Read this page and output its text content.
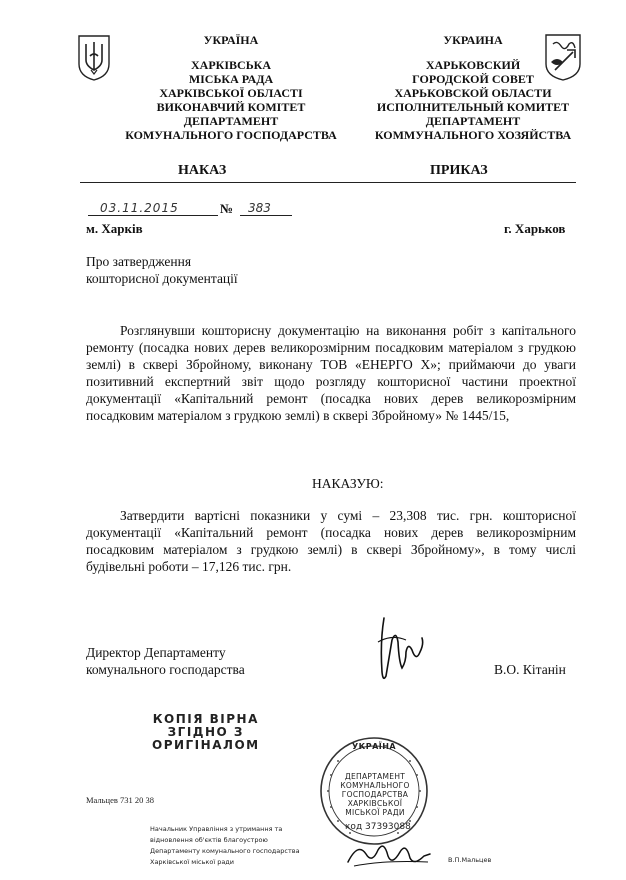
УКРАЇНА
ХАРКІВСЬКА
МІСЬКА РАДА
ХАРКІВСЬКОЇ ОБЛАСТІ
ВИКОНАВЧИЙ КОМІТЕТ
ДЕПАРТАМЕНТ
КОМУНАЛЬНОГО ГОСПОДАРСТВА
УКРАИНА
ХАРЬКОВСКИЙ
ГОРОДСКОЙ СОВЕТ
ХАРЬКОВСКОЙ ОБЛАСТИ
ИСПОЛНИТЕЛЬНЫЙ КОМИТЕТ
ДЕПАРТАМЕНТ
КОММУНАЛЬНОГО ХОЗЯЙСТВА
НАКАЗ	ПРИКАЗ
03.11.2015	№ 383
м. Харків	г. Харьков
Про затвердження
кошторисної документації
Розглянувши кошторисну документацію на виконання робіт з капітального ремонту (посадка нових дерев великорозмірним посадковим матеріалом з грудкою землі) в сквері Збройному, виконану ТОВ «ЕНЕРГО Х»; приймаючи до уваги позитивний експертний звіт щодо розгляду кошторисної частини проектної документації «Капітальний ремонт (посадка нових дерев великорозмірним посадковим матеріалом з грудкою землі) в сквері Збройному» № 1445/15,
НАКАЗУЮ:
Затвердити вартісні показники у сумі – 23,308 тис. грн. кошторисної документації «Капітальний ремонт (посадка нових дерев великорозмірним посадковим матеріалом з грудкою землі) в сквері Збройному», в тому числі будівельні роботи – 17,126 тис. грн.
Директор Департаменту
комунального господарства	В.О. Кітанін
КОПІЯ ВІРНА
ЗГІДНО З
ОРИГІНАЛОМ	УКРАЇНА
ДЕПАРТАМЕНТ
КОМУНАЛЬНОГО
ГОСПОДАРСТВА
ХАРКІВСЬКОЇ
МІСЬКОЇ РАДИ
код 37393088
Мальцев 731 20 38
Начальник Управління з утримання та
відновлення об'єктів благоустрою
Департаменту комунального господарства
Харківської міської ради	В.П.Мальцев
